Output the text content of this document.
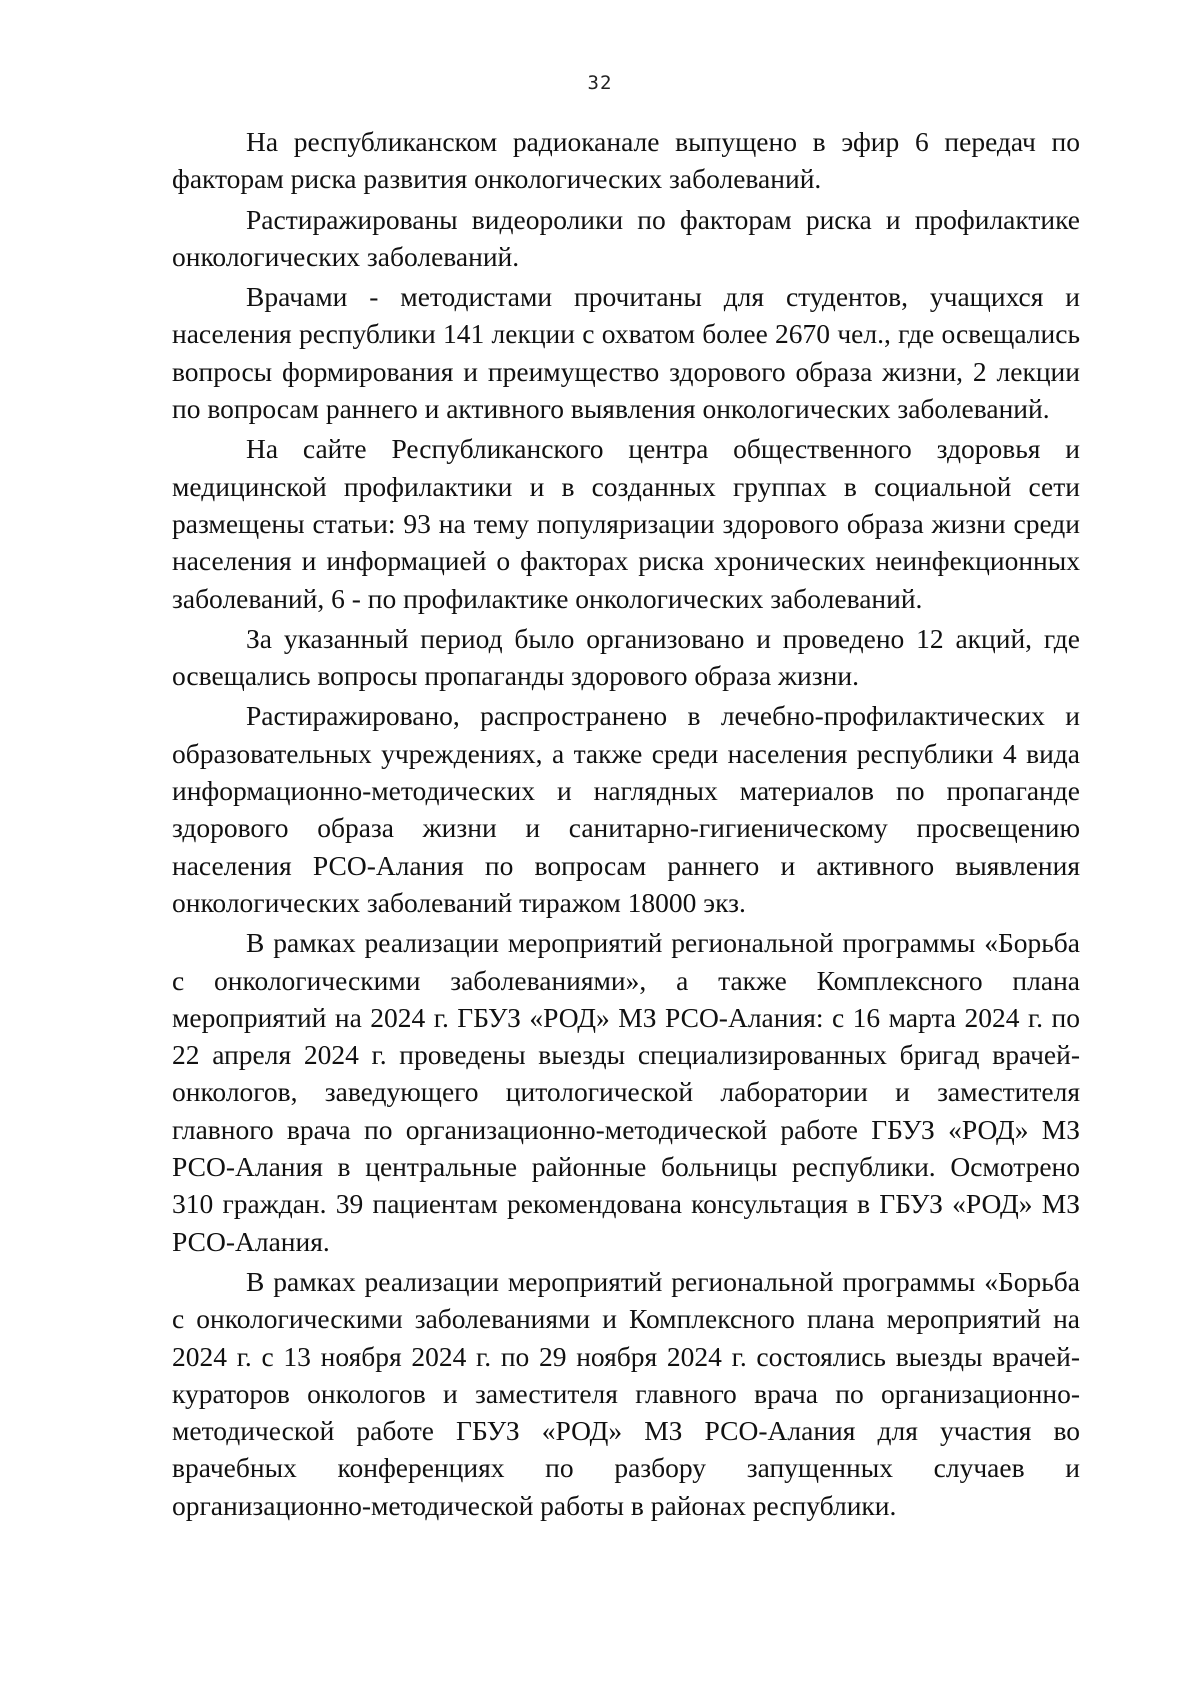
32

На республиканском радиоканале выпущено в эфир 6 передач по факторам риска развития онкологических заболеваний.

Растиражированы видеоролики по факторам риска и профилактике онкологических заболеваний.

Врачами - методистами прочитаны для студентов, учащихся и населения республики 141 лекции с охватом более 2670 чел., где освещались вопросы формирования и преимущество здорового образа жизни, 2 лекции по вопросам раннего и активного выявления онкологических заболеваний.

На сайте Республиканского центра общественного здоровья и медицинской профилактики и в созданных группах в социальной сети размещены статьи: 93 на тему популяризации здорового образа жизни среди населения и информацией о факторах риска хронических неинфекционных заболеваний, 6 - по профилактике онкологических заболеваний.

За указанный период было организовано и проведено 12 акций, где освещались вопросы пропаганды здорового образа жизни.

Растиражировано, распространено в лечебно-профилактических и образовательных учреждениях, а также среди населения республики 4 вида информационно-методических и наглядных материалов по пропаганде здорового образа жизни и санитарно-гигиеническому просвещению населения РСО-Алания по вопросам раннего и активного выявления онкологических заболеваний тиражом 18000 экз.

В рамках реализации мероприятий региональной программы «Борьба с онкологическими заболеваниями», а также Комплексного плана мероприятий на 2024 г. ГБУЗ «РОД» МЗ РСО-Алания: с 16 марта 2024 г. по 22 апреля 2024 г. проведены выезды специализированных бригад врачей-онкологов, заведующего цитологической лаборатории и заместителя главного врача по организационно-методической работе ГБУЗ «РОД» МЗ РСО-Алания в центральные районные больницы республики. Осмотрено 310 граждан. 39 пациентам рекомендована консультация в ГБУЗ «РОД» МЗ РСО-Алания.

В рамках реализации мероприятий региональной программы «Борьба с онкологическими заболеваниями и Комплексного плана мероприятий на 2024 г. с 13 ноября 2024 г. по 29 ноября 2024 г. состоялись выезды врачей-кураторов онкологов и заместителя главного врача по организационно-методической работе ГБУЗ «РОД» МЗ РСО-Алания для участия во врачебных конференциях по разбору запущенных случаев и организационно-методической работы в районах республики.
